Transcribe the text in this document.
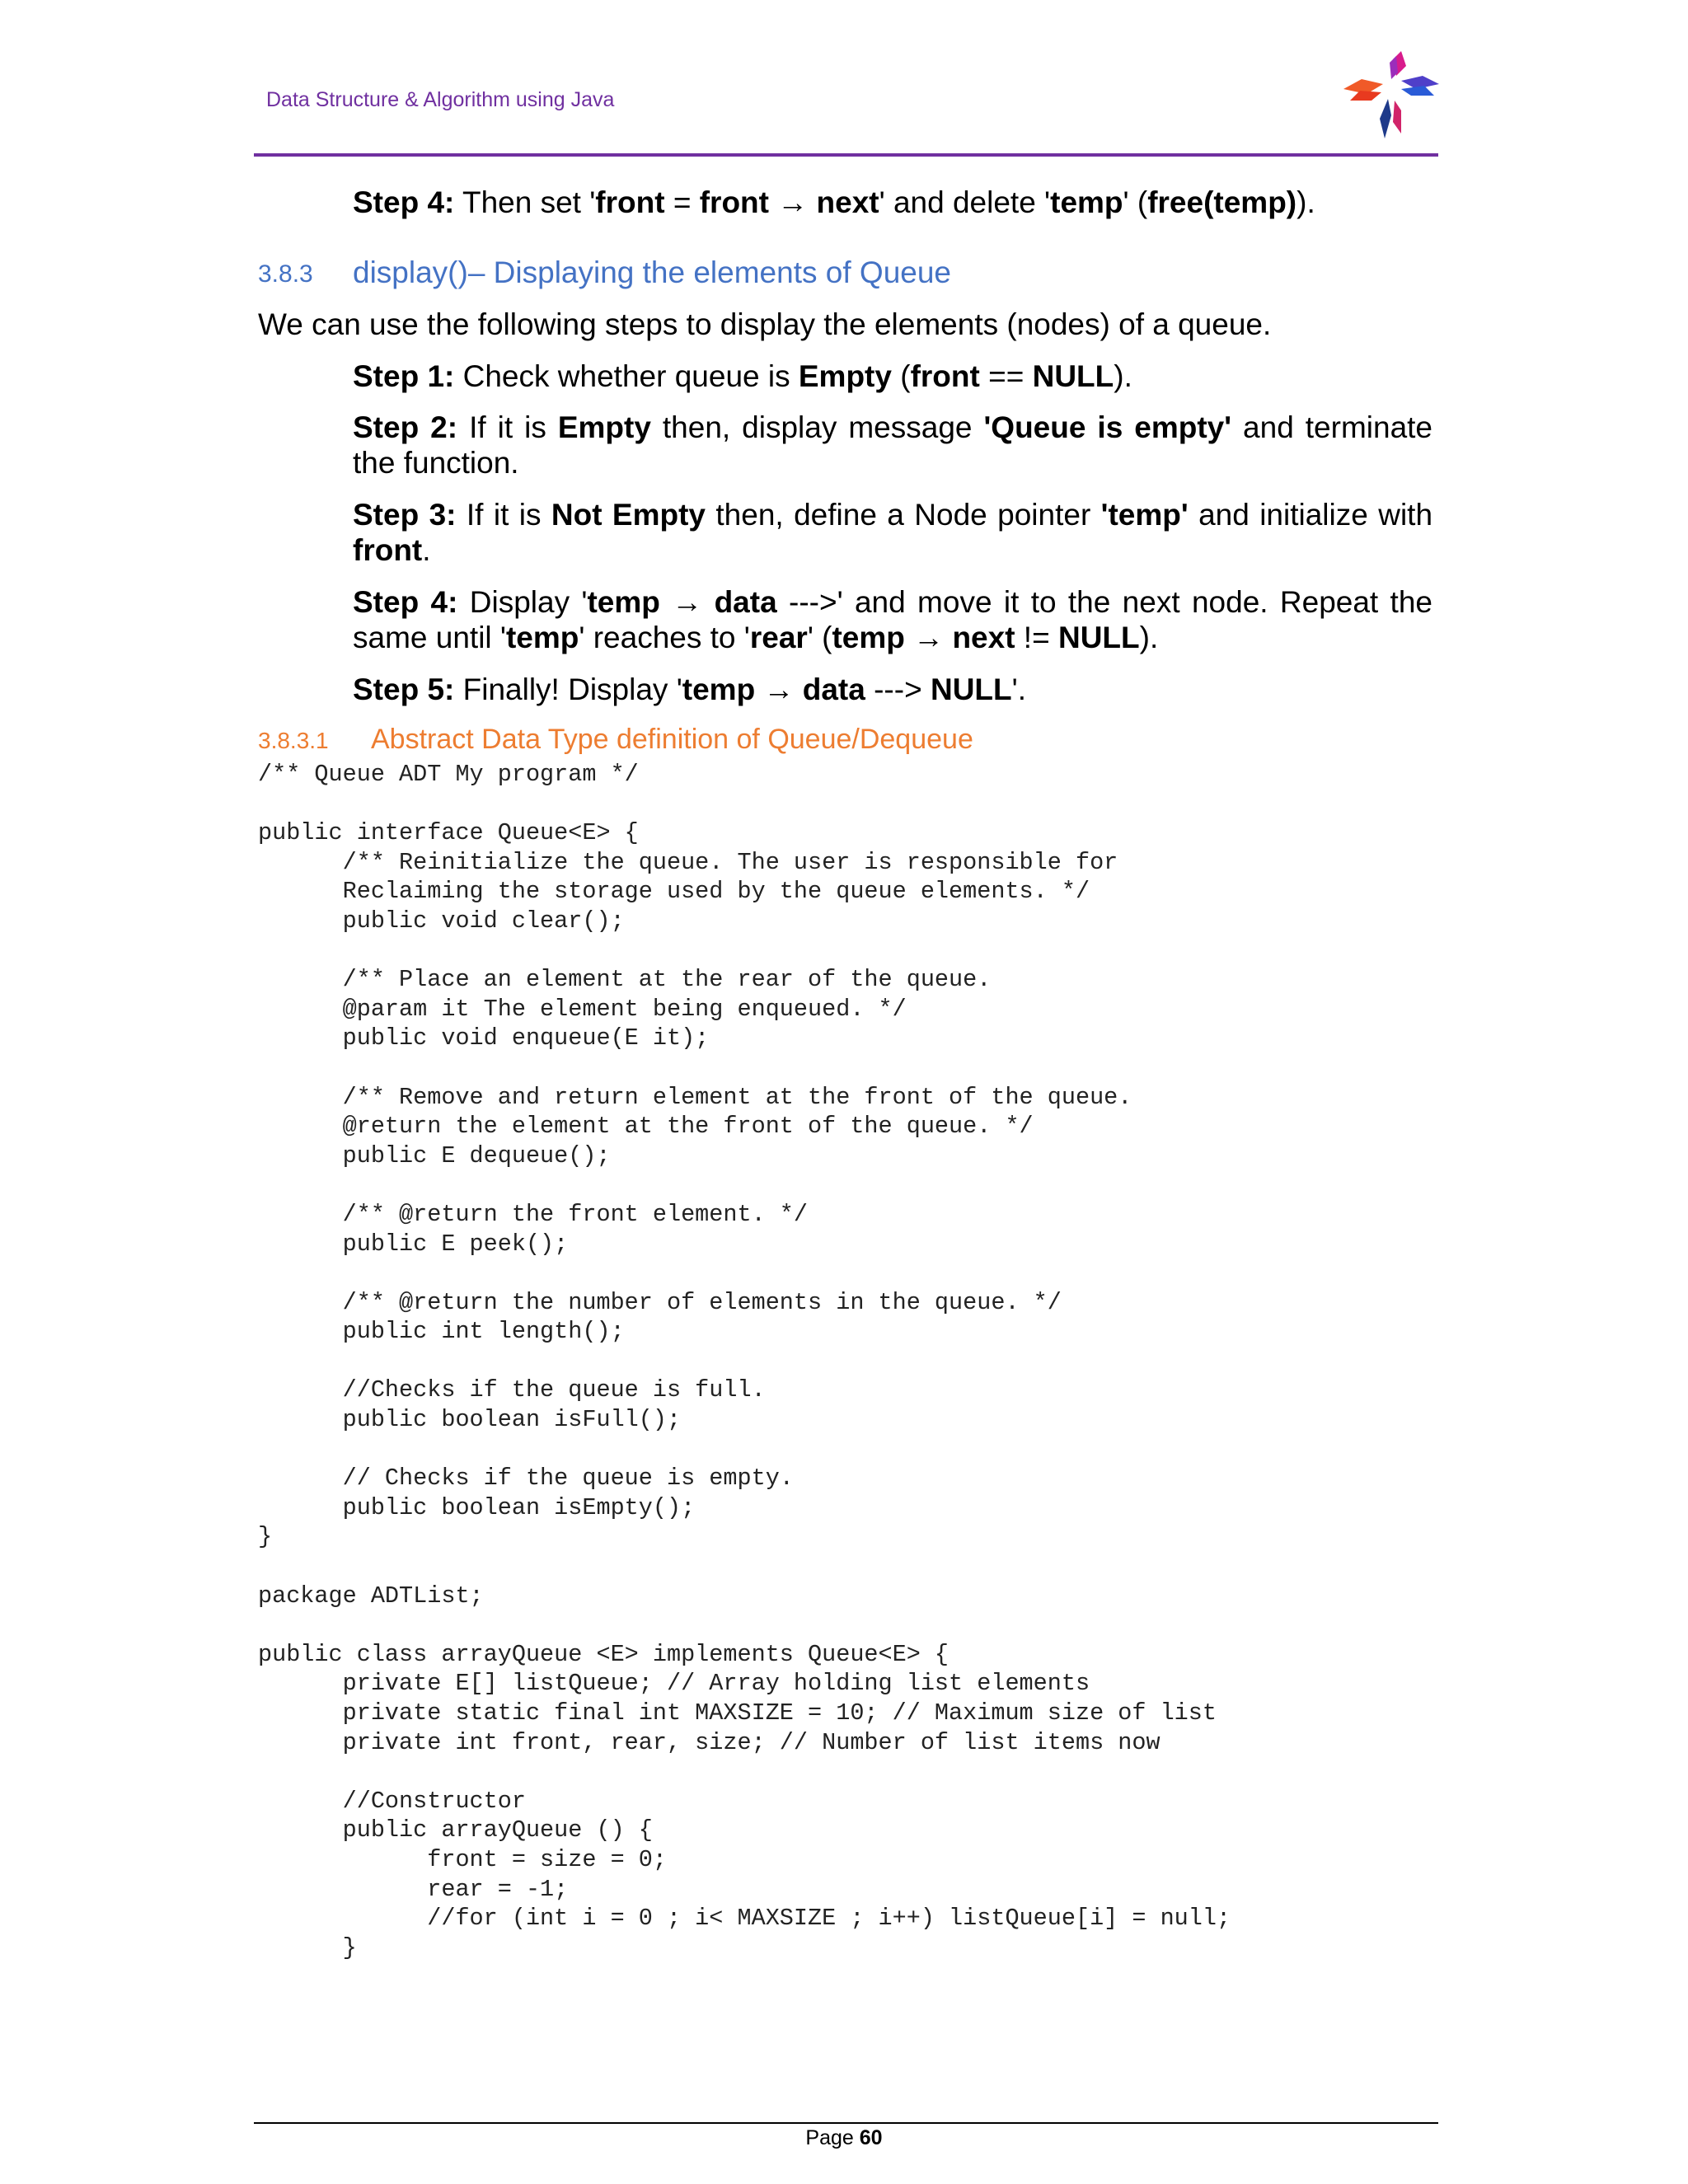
Data Structure & Algorithm using Java
Step 4: Then set 'front = front → next' and delete 'temp' (free(temp)).
3.8.3 display()– Displaying the elements of Queue
We can use the following steps to display the elements (nodes) of a queue.
Step 1: Check whether queue is Empty (front == NULL).
Step 2: If it is Empty then, display message 'Queue is empty' and terminate the function.
Step 3: If it is Not Empty then, define a Node pointer 'temp' and initialize with front.
Step 4: Display 'temp → data --->' and move it to the next node. Repeat the same until 'temp' reaches to 'rear' (temp → next != NULL).
Step 5: Finally! Display 'temp → data ---> NULL'.
3.8.3.1 Abstract Data Type definition of Queue/Dequeue
/** Queue ADT My program */

public interface Queue<E> {
/** Reinitialize the queue. The user is responsible for
Reclaiming the storage used by the queue elements. */
public void clear();

/** Place an element at the rear of the queue.
@param it The element being enqueued. */
public void enqueue(E it);

/** Remove and return element at the front of the queue.
@return the element at the front of the queue. */
public E dequeue();

/** @return the front element. */
public E peek();

/** @return the number of elements in the queue. */
public int length();

//Checks if the queue is full.
public boolean isFull();

// Checks if the queue is empty.
public boolean isEmpty();
}

package ADTList;

public class arrayQueue <E> implements Queue<E> {
private E[] listQueue; // Array holding list elements
private static final int MAXSIZE = 10; // Maximum size of list
private int front, rear, size; // Number of list items now

//Constructor
public arrayQueue () {
front = size = 0;
rear = -1;
//for (int i = 0 ; i< MAXSIZE ; i++) listQueue[i] = null;
}
Page 60
